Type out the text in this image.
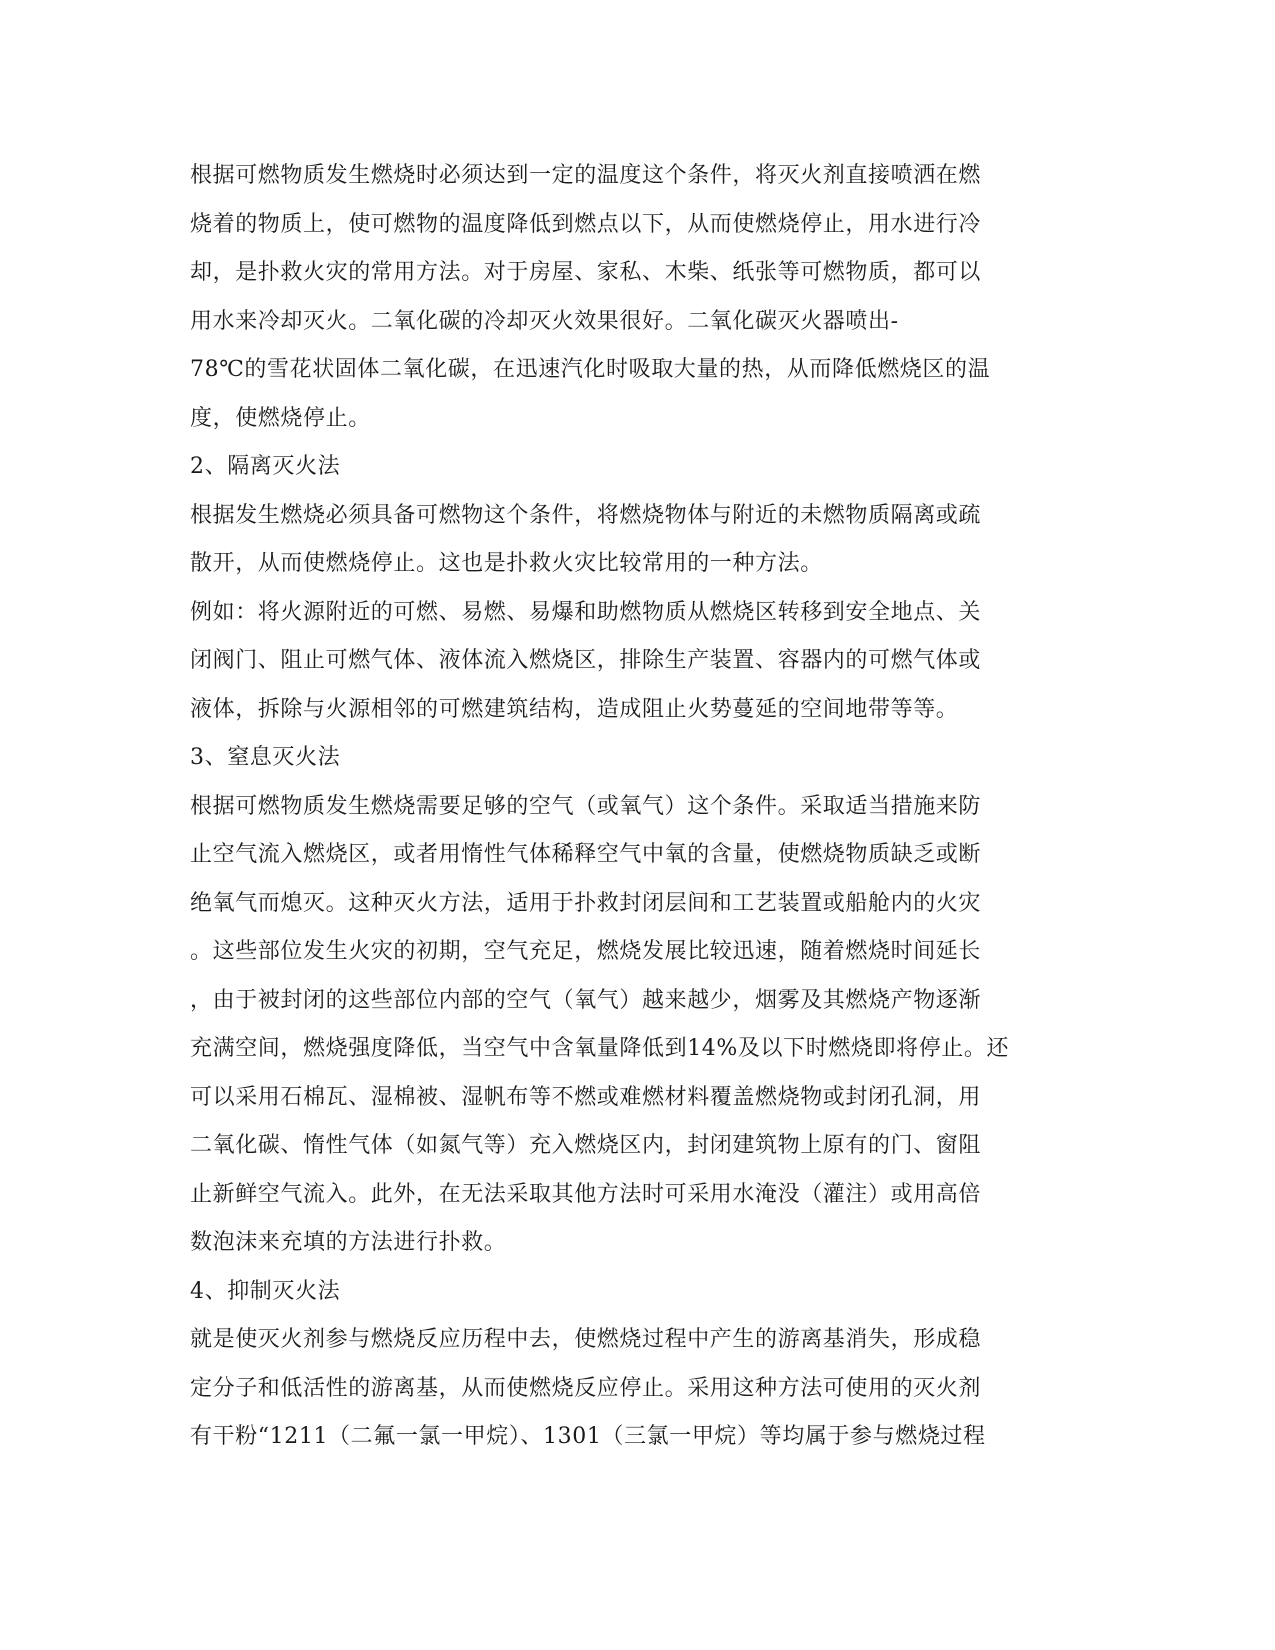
根据可燃物质发生燃烧时必须达到一定的温度这个条件，将灭火剂直接喷洒在燃
烧着的物质上，使可燃物的温度降低到燃点以下，从而使燃烧停止，用水进行冷
却，是扑救火灾的常用方法。对于房屋、家私、木柴、纸张等可燃物质，都可以
用水来冷却灭火。二氧化碳的冷却灭火效果很好。二氧化碳灭火器喷出-
78℃的雪花状固体二氧化碳，在迅速汽化时吸取大量的热，从而降低燃烧区的温
度，使燃烧停止。
2、隔离灭火法
根据发生燃烧必须具备可燃物这个条件，将燃烧物体与附近的未燃物质隔离或疏
散开，从而使燃烧停止。这也是扑救火灾比较常用的一种方法。
例如：将火源附近的可燃、易燃、易爆和助燃物质从燃烧区转移到安全地点、关
闭阀门、阻止可燃气体、液体流入燃烧区，排除生产装置、容器内的可燃气体或
液体，拆除与火源相邻的可燃建筑结构，造成阻止火势蔓延的空间地带等等。
3、窒息灭火法
根据可燃物质发生燃烧需要足够的空气（或氧气）这个条件。采取适当措施来防
止空气流入燃烧区，或者用惰性气体稀释空气中氧的含量，使燃烧物质缺乏或断
绝氧气而熄灭。这种灭火方法，适用于扑救封闭层间和工艺装置或船舱内的火灾
。这些部位发生火灾的初期，空气充足，燃烧发展比较迅速，随着燃烧时间延长
，由于被封闭的这些部位内部的空气（氧气）越来越少，烟雾及其燃烧产物逐渐
充满空间，燃烧强度降低，当空气中含氧量降低到14%及以下时燃烧即将停止。还
可以采用石棉瓦、湿棉被、湿帆布等不燃或难燃材料覆盖燃烧物或封闭孔洞，用
二氧化碳、惰性气体（如氮气等）充入燃烧区内，封闭建筑物上原有的门、窗阻
止新鲜空气流入。此外，在无法采取其他方法时可采用水淹没（灌注）或用高倍
数泡沫来充填的方法进行扑救。
4、抑制灭火法
就是使灭火剂参与燃烧反应历程中去，使燃烧过程中产生的游离基消失，形成稳
定分子和低活性的游离基，从而使燃烧反应停止。采用这种方法可使用的灭火剂
有干粉“1211（二氟一氯一甲烷）、1301（三氯一甲烷）等均属于参与燃烧过程
